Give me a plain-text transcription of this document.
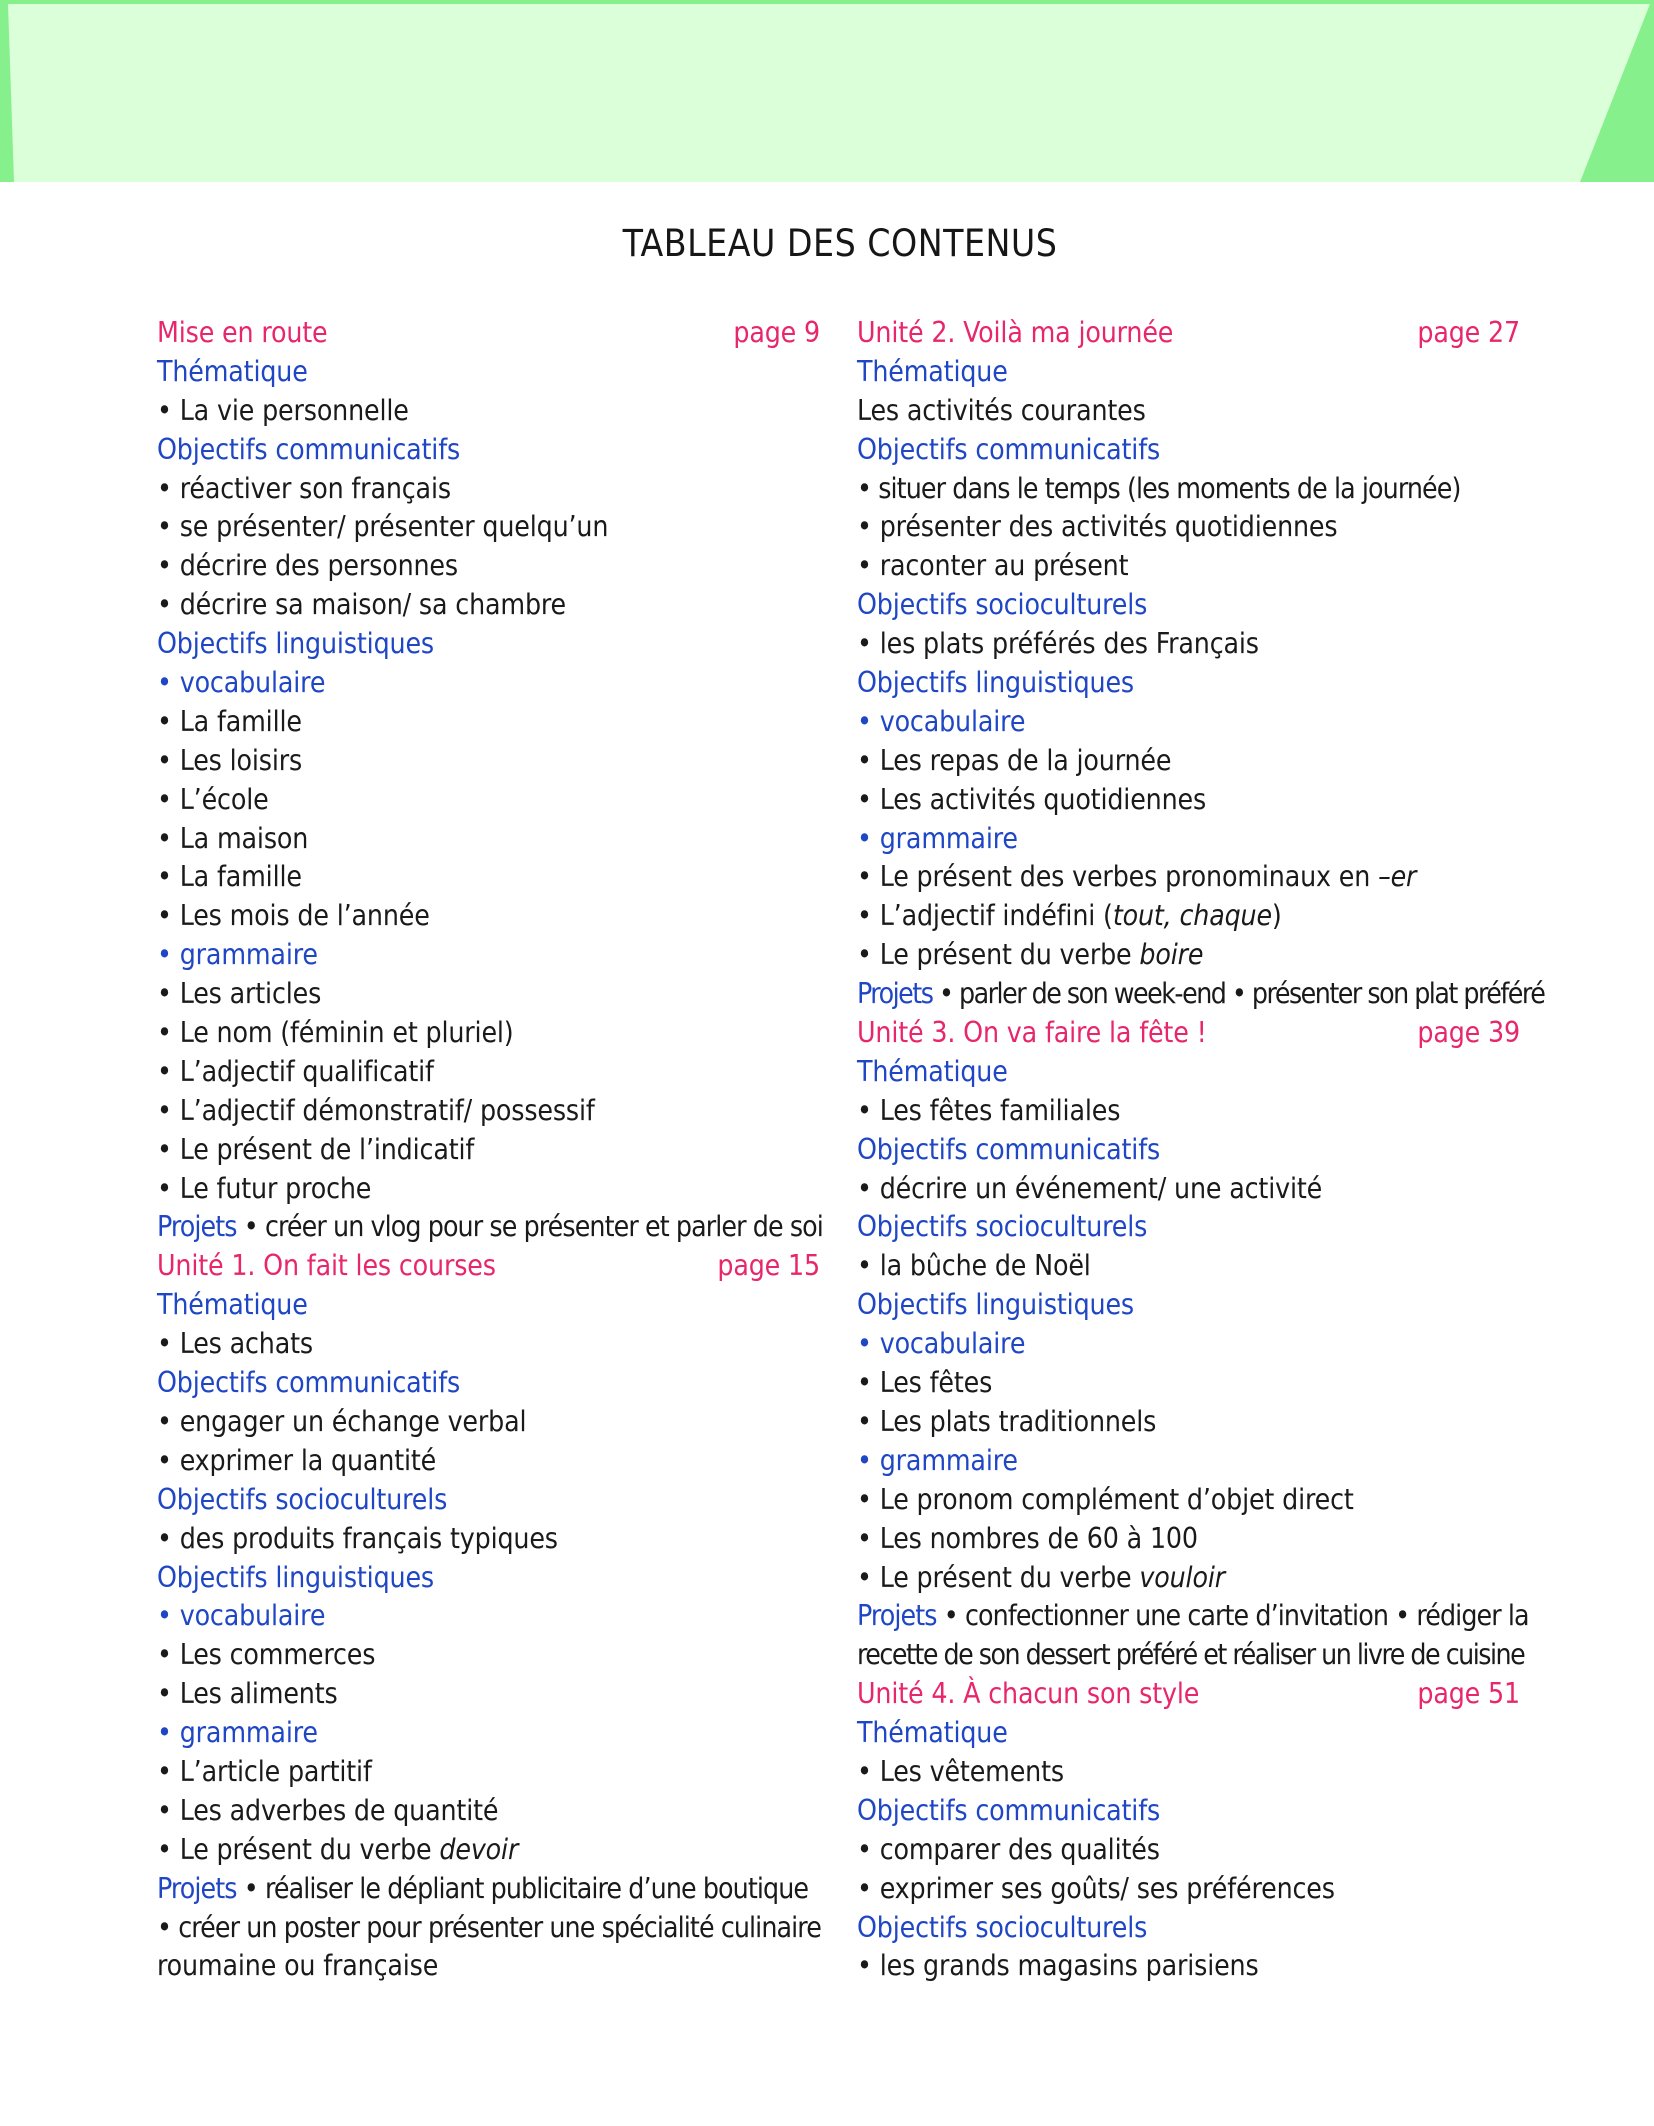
TABLEAU DES CONTENUS
Mise en route	page 9
Thématique
• La vie personnelle
Objectifs communicatifs
• réactiver son français
• se présenter/ présenter quelqu’un
• décrire des personnes
• décrire sa maison/ sa chambre
Objectifs linguistiques
• vocabulaire
• La famille
• Les loisirs
• L’école
• La maison
• La famille
• Les mois de l’année
• grammaire
• Les articles
• Le nom (féminin et pluriel)
• L’adjectif qualificatif
• L’adjectif démonstratif/ possessif
• Le présent de l’indicatif
• Le futur proche
Projets • créer un vlog pour se présenter et parler de soi
Unité 1. On fait les courses	page 15
Thématique
• Les achats
Objectifs communicatifs
• engager un échange verbal
• exprimer la quantité
Objectifs socioculturels
• des produits français typiques
Objectifs linguistiques
• vocabulaire
• Les commerces
• Les aliments
• grammaire
• L’article partitif
• Les adverbes de quantité
• Le présent du verbe devoir
Projets • réaliser le dépliant publicitaire d’une boutique
• créer un poster pour présenter une spécialité culinaire
roumaine ou française
Unité 2. Voilà ma journée	page 27
Thématique
Les activités courantes
Objectifs communicatifs
• situer dans le temps (les moments de la journée)
• présenter des activités quotidiennes
• raconter au présent
Objectifs socioculturels
• les plats préférés des Français
Objectifs linguistiques
• vocabulaire
• Les repas de la journée
• Les activités quotidiennes
• grammaire
• Le présent des verbes pronominaux en –er
• L’adjectif indéfini (tout, chaque)
• Le présent du verbe boire
Projets • parler de son week-end • présenter son plat préféré
Unité 3. On va faire la fête !	page 39
Thématique
• Les fêtes familiales
Objectifs communicatifs
• décrire un événement/ une activité
Objectifs socioculturels
• la bûche de Noël
Objectifs linguistiques
• vocabulaire
• Les fêtes
• Les plats traditionnels
• grammaire
• Le pronom complément d’objet direct
• Les nombres de 60 à 100
• Le présent du verbe vouloir
Projets • confectionner une carte d’invitation • rédiger la
recette de son dessert préféré et réaliser un livre de cuisine
Unité 4. À chacun son style	page 51
Thématique
• Les vêtements
Objectifs communicatifs
• comparer des qualités
• exprimer ses goûts/ ses préférences
Objectifs socioculturels
• les grands magasins parisiens
